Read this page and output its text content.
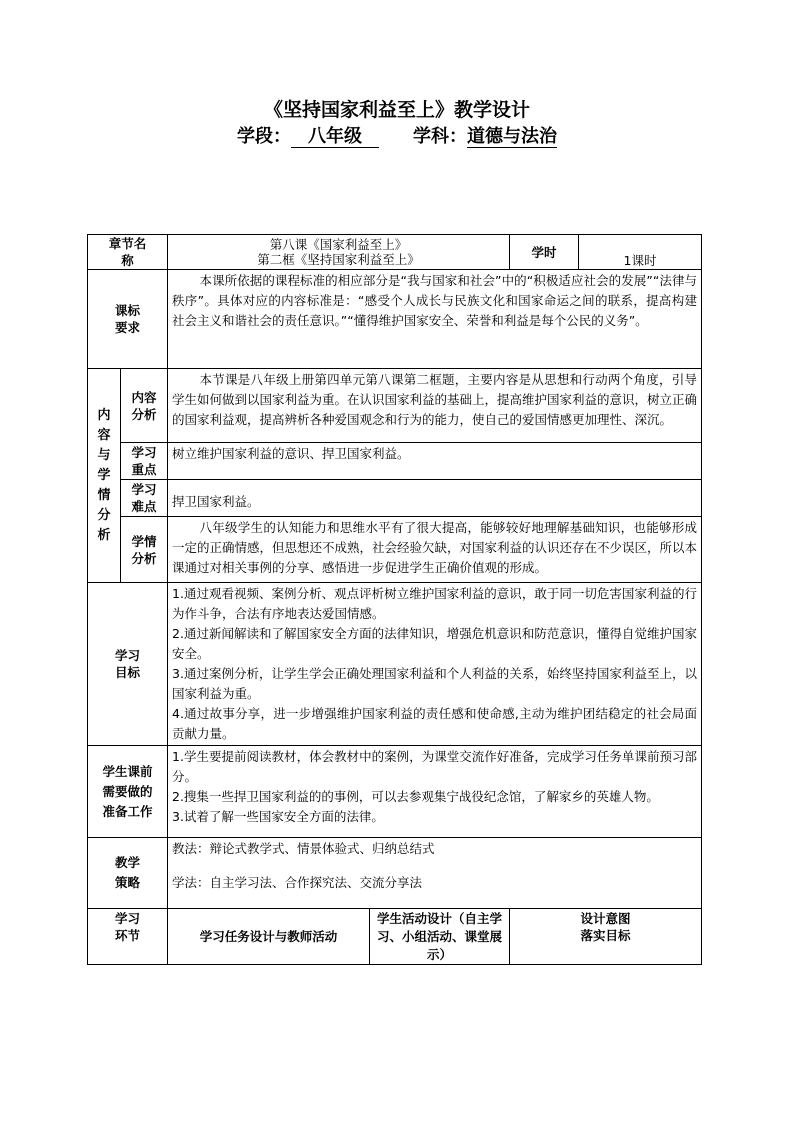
《坚持国家利益至上》教学设计
学段： 八年级	学科：道德与法治
章节名称		第八课《国家利益至上》
第二框《坚持国家利益至上》		学时	1课时

课标要求		本课所依据的课程标准的相应部分是“我与国家和社会”中的“积极适应社会的发展”“法律与秩序”。具体对应的内容标准是：“感受个人成长与民族文化和国家命运之间的联系，提高构建社会主义和谐社会的责任意识。”“懂得维护国家安全、荣誉和利益是每个公民的义务”。			

内容与学情分析	内容分析	本节课是八年级上册第四单元第八课第二框题，主要内容是从思想和行动两个角度，引导学生如何做到以国家利益为重。在认识国家利益的基础上，提高维护国家利益的意识，树立正确的国家利益观，提高辨析各种爱国观念和行为的能力，使自己的爱国情感更加理性、深沉。			

	学习重点	树立维护国家利益的意识、捍卫国家利益。			

	学习难点	捍卫国家利益。			

	学情分析	八年级学生的认知能力和思维水平有了很大提高，能够较好地理解基础知识，也能够形成一定的正确情感，但思想还不成熟，社会经验欠缺，对国家利益的认识还存在不少误区，所以本课通过对相关事例的分享、感悟进一步促进学生正确价值观的形成。			

学习目标		1.通过观看视频、案例分析、观点评析树立维护国家利益的意识，敢于同一切危害国家利益的行为作斗争，合法有序地表达爱国情感。
2.通过新闻解读和了解国家安全方面的法律知识，增强危机意识和防范意识，懂得自觉维护国家安全。
3.通过案例分析，让学生学会正确处理国家利益和个人利益的关系，始终坚持国家利益至上，以国家利益为重。
4.通过故事分享，进一步增强维护国家利益的责任感和使命感,主动为维护团结稳定的社会局面贡献力量。			

学生课前需要做的准备工作		1.学生要提前阅读教材，体会教材中的案例，为课堂交流作好准备，完成学习任务单课前预习部分。
2.搜集一些捍卫国家利益的的事例，可以去参观集宁战役纪念馆，了解家乡的英雄人物。
3.试着了解一些国家安全方面的法律。			

教学策略		教法：辩论式教学式、情景体验式、归纳总结式
学法：自主学习法、合作探究法、交流分享法			

学习环节		学习任务设计与教师活动	学生活动设计（自主学习、小组活动、课堂展示）	设计意图落实目标	
